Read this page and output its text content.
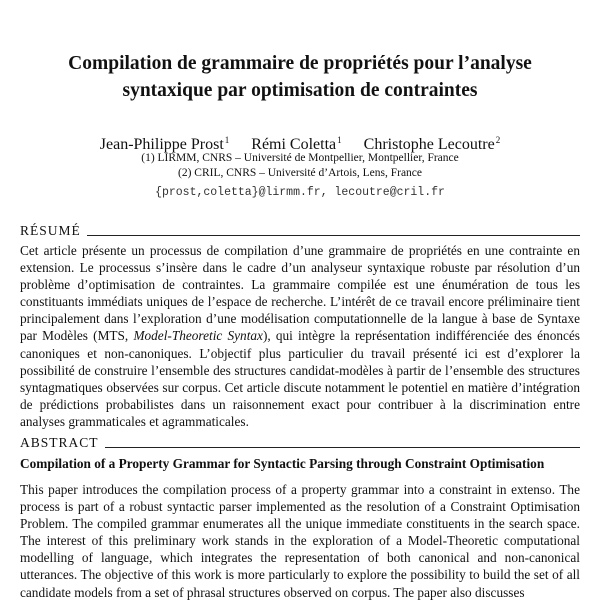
Compilation de grammaire de propriétés pour l’analyse
syntaxique par optimisation de contraintes
Jean-Philippe Prost$^1$ Rémi Coletta$^1$ Christophe Lecoutre$^2$
(1) LIRMM, CNRS – Université de Montpellier, Montpellier, France
(2) CRIL, CNRS – Université d’Artois, Lens, France
{prost,coletta}@lirmm.fr, lecoutre@cril.fr
RÉSUMÉ

Cet article présente un processus de compilation d’une grammaire de propriétés en une contrainte en extension. Le processus s’insère dans le cadre d’un analyseur syntaxique robuste par résolution d’un problème d’optimisation de contraintes. La grammaire compilée est une énumération de tous les constituants immédiats uniques de l’espace de recherche. L’intérêt de ce travail encore préliminaire tient principalement dans l’exploration d’une modélisation computationnelle de la langue à base de Syntaxe par Modèles (MTS, Model-Theoretic Syntax), qui intègre la représentation indifférenciée des énoncés canoniques et non-canoniques. L’objectif plus particulier du travail présenté ici est d’explorer la possibilité de construire l’ensemble des structures candidat-modèles à partir de l’ensemble des structures syntagmatiques observées sur corpus. Cet article discute notamment le potentiel en matière d’intégration de prédictions probabilistes dans un raisonnement exact pour contribuer à la discrimination entre analyses grammaticales et agrammaticales.

ABSTRACT
Compilation of a Property Grammar for Syntactic Parsing through Constraint Optimisation

This paper introduces the compilation process of a property grammar into a constraint in extenso. The process is part of a robust syntactic parser implemented as the resolution of a Constraint Optimisation Problem. The compiled grammar enumerates all the unique immediate constituents in the search space. The interest of this preliminary work stands in the exploration of a Model-Theoretic computational modelling of language, which integrates the representation of both canonical and non-canonical utterances. The objective of this work is more particularly to explore the possibility to build the set of all candidate models from a set of phrasal structures observed on corpus. The paper also discusses
